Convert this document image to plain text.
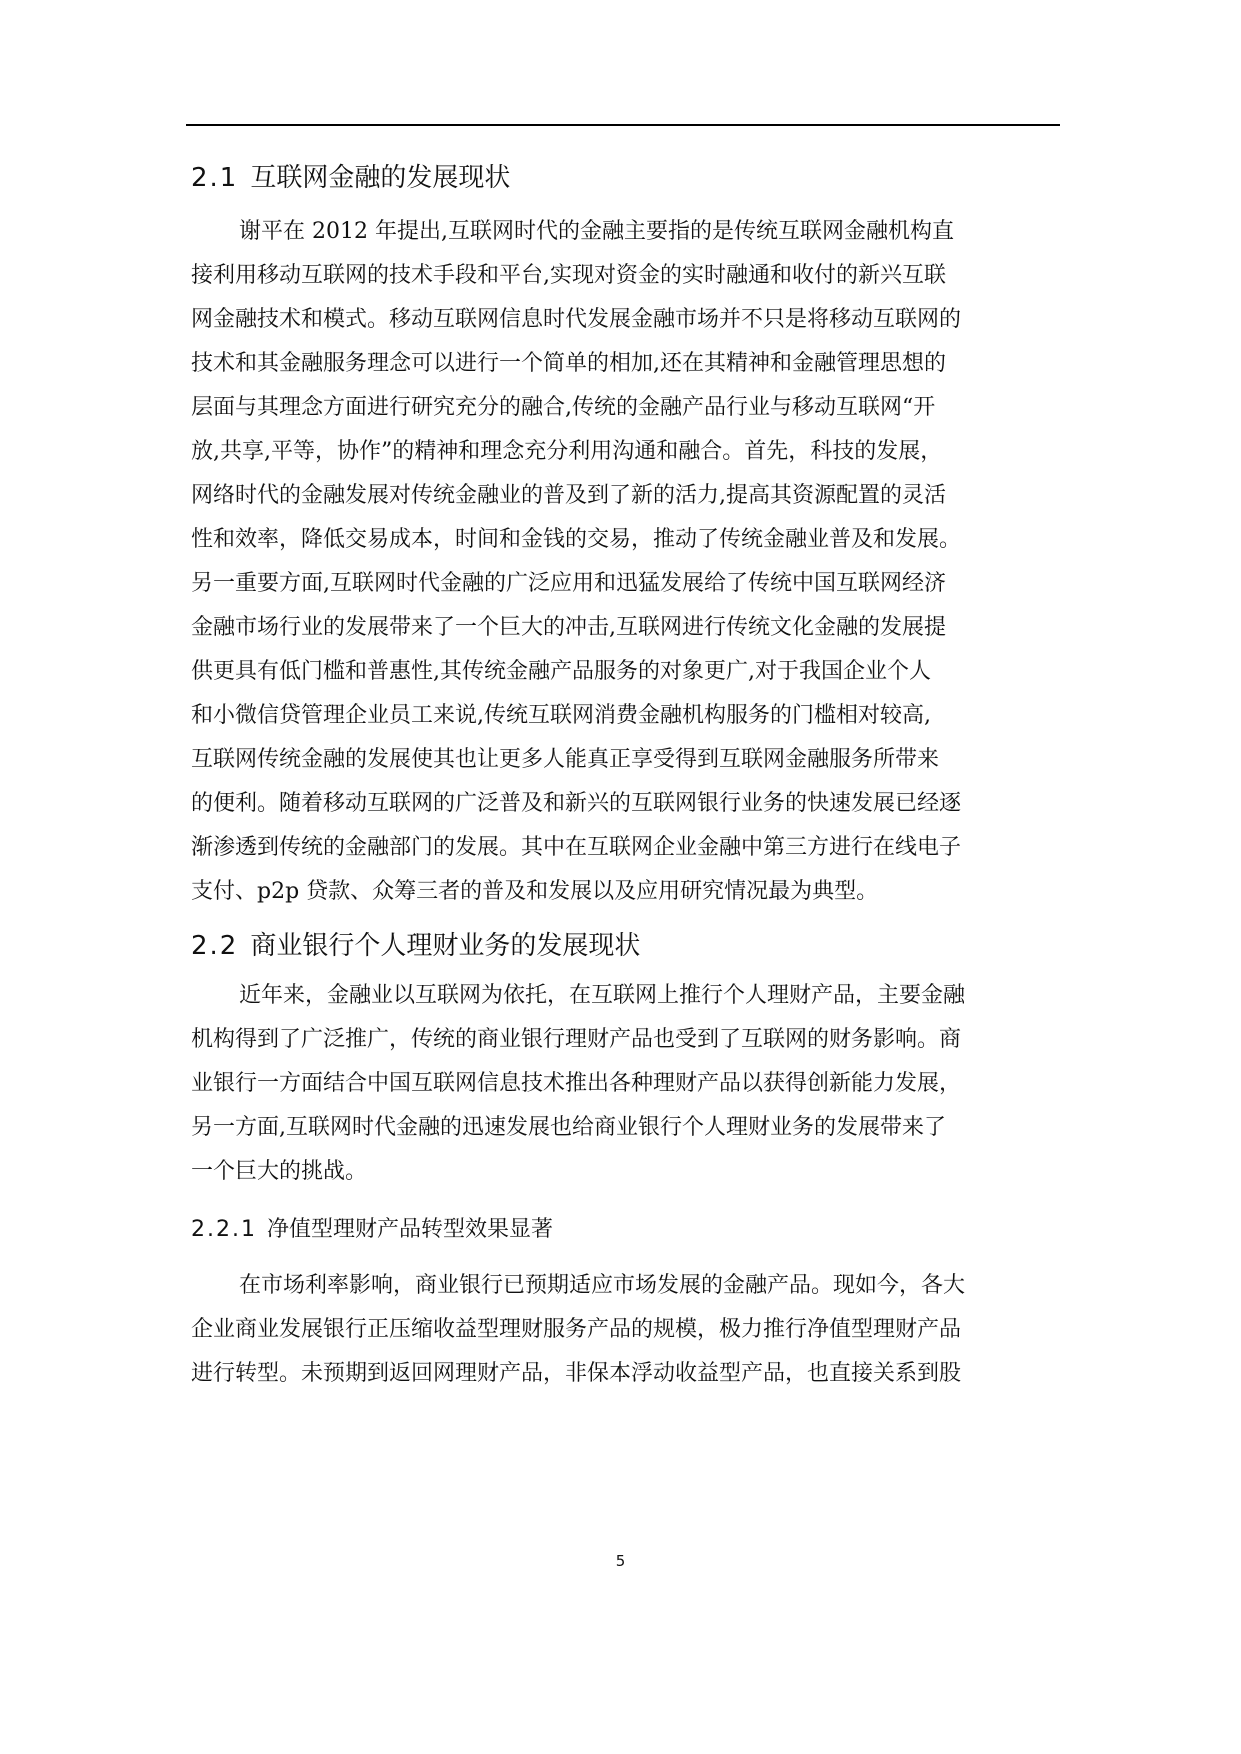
2.1 互联网金融的发展现状
谢平在 2012 年提出,互联网时代的金融主要指的是传统互联网金融机构直
接利用移动互联网的技术手段和平台,实现对资金的实时融通和收付的新兴互联
网金融技术和模式。移动互联网信息时代发展金融市场并不只是将移动互联网的
技术和其金融服务理念可以进行一个简单的相加,还在其精神和金融管理思想的
层面与其理念方面进行研究充分的融合,传统的金融产品行业与移动互联网“开
放,共享,平等，协作”的精神和理念充分利用沟通和融合。首先，科技的发展，
网络时代的金融发展对传统金融业的普及到了新的活力,提高其资源配置的灵活
性和效率，降低交易成本，时间和金钱的交易，推动了传统金融业普及和发展。
另一重要方面,互联网时代金融的广泛应用和迅猛发展给了传统中国互联网经济
金融市场行业的发展带来了一个巨大的冲击,互联网进行传统文化金融的发展提
供更具有低门槛和普惠性,其传统金融产品服务的对象更广,对于我国企业个人
和小微信贷管理企业员工来说,传统互联网消费金融机构服务的门槛相对较高,
互联网传统金融的发展使其也让更多人能真正享受得到互联网金融服务所带来
的便利。随着移动互联网的广泛普及和新兴的互联网银行业务的快速发展已经逐
渐渗透到传统的金融部门的发展。其中在互联网企业金融中第三方进行在线电子
支付、p2p 贷款、众筹三者的普及和发展以及应用研究情况最为典型。
2.2 商业银行个人理财业务的发展现状
近年来，金融业以互联网为依托，在互联网上推行个人理财产品，主要金融
机构得到了广泛推广，传统的商业银行理财产品也受到了互联网的财务影响。商
业银行一方面结合中国互联网信息技术推出各种理财产品以获得创新能力发展，
另一方面,互联网时代金融的迅速发展也给商业银行个人理财业务的发展带来了
一个巨大的挑战。
2.2.1 净值型理财产品转型效果显著
在市场利率影响，商业银行已预期适应市场发展的金融产品。现如今，各大
企业商业发展银行正压缩收益型理财服务产品的规模，极力推行净值型理财产品
进行转型。未预期到返回网理财产品，非保本浮动收益型产品，也直接关系到股
5
